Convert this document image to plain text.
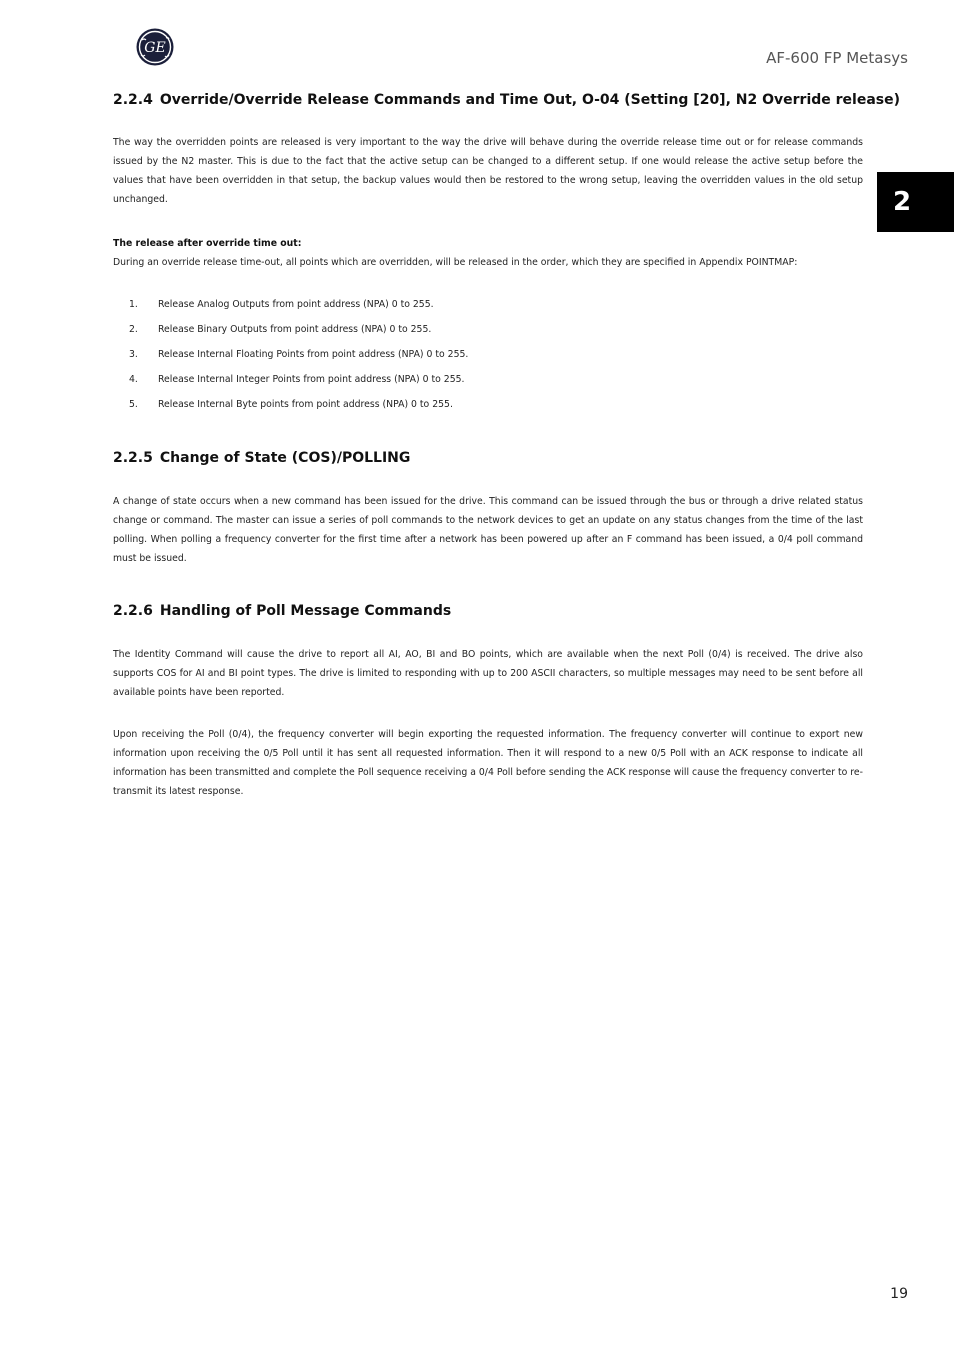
GE
AF-600 FP Metasys
2
2.2.4 Override/Override Release Commands and Time Out, O-04 (Setting [20], N2 Override release)

The way the overridden points are released is very important to the way the drive will behave during the override release time out or for release commands issued by the N2 master. This is due to the fact that the active setup can be changed to a different setup. If one would release the active setup before the values that have been overridden in that setup, the backup values would then be restored to the wrong setup, leaving the overridden values in the old setup unchanged.

The release after override time out:

During an override release time-out, all points which are overridden, will be released in the order, which they are specified in Appendix POINTMAP:

1.	Release Analog Outputs from point address (NPA) 0 to 255.
2.	Release Binary Outputs from point address (NPA) 0 to 255.
3.	Release Internal Floating Points from point address (NPA) 0 to 255.
4.	Release Internal Integer Points from point address (NPA) 0 to 255.
5.	Release Internal Byte points from point address (NPA) 0 to 255.
2.2.5 Change of State (COS)/POLLING

A change of state occurs when a new command has been issued for the drive. This command can be issued through the bus or through a drive related status change or command. The master can issue a series of poll commands to the network devices to get an update on any status changes from the time of the last polling. When polling a frequency converter for the first time after a network has been powered up after an F command has been issued, a 0/4 poll command must be issued.

2.2.6 Handling of Poll Message Commands

The Identity Command will cause the drive to report all AI, AO, BI and BO points, which are available when the next Poll (0/4) is received. The drive also supports COS for AI and BI point types. The drive is limited to responding with up to 200 ASCII characters, so multiple messages may need to be sent before all available points have been reported.

Upon receiving the Poll (0/4), the frequency converter will begin exporting the requested information. The frequency converter will continue to export new information upon receiving the 0/5 Poll until it has sent all requested information. Then it will respond to a new 0/5 Poll with an ACK response to indicate all information has been transmitted and complete the Poll sequence receiving a 0/4 Poll before sending the ACK response will cause the frequency converter to re-transmit its latest response.

19
